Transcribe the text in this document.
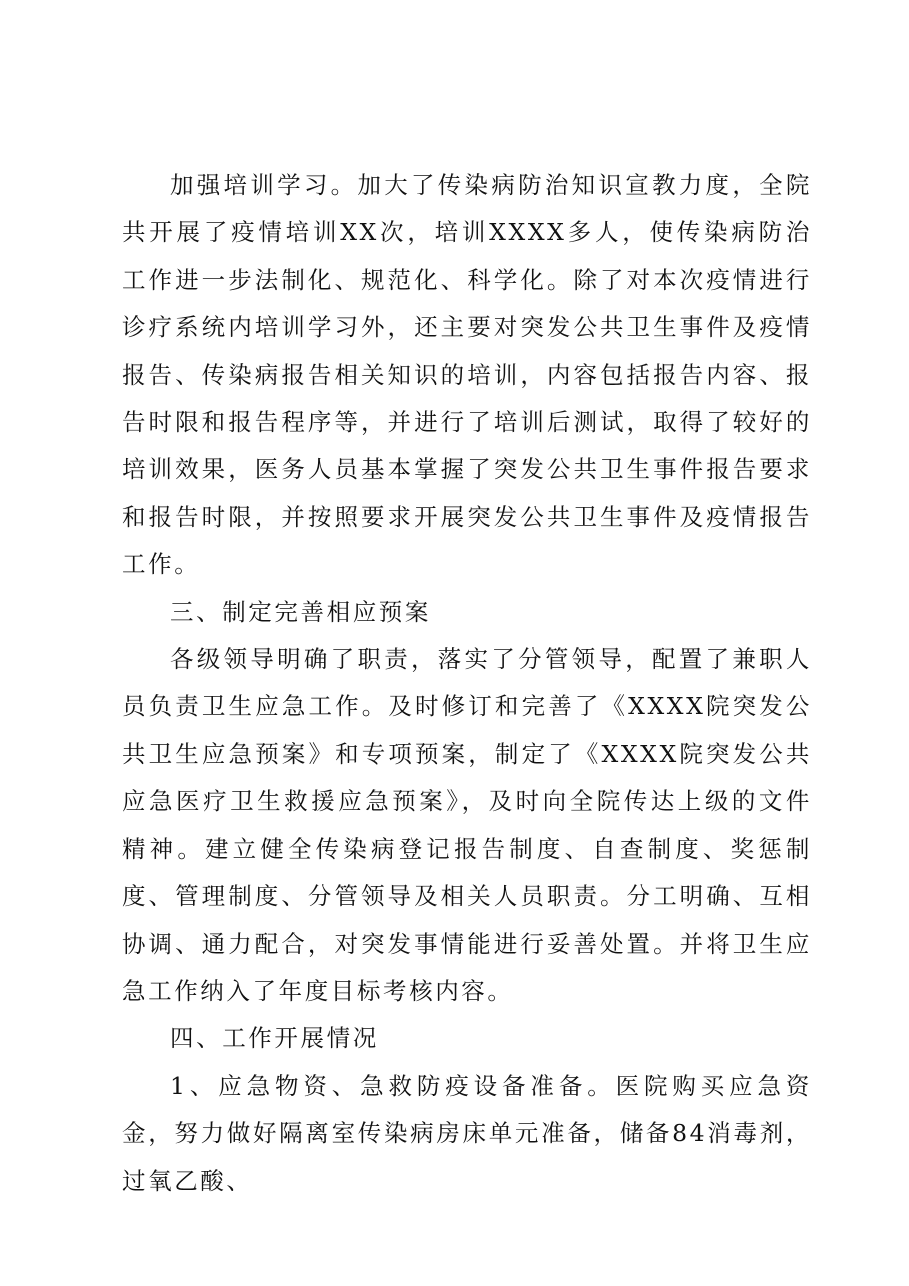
加强培训学习。加大了传染病防治知识宣教力度，全院共开展了疫情培训XX次，培训XXXX多人，使传染病防治工作进一步法制化、规范化、科学化。除了对本次疫情进行诊疗系统内培训学习外，还主要对突发公共卫生事件及疫情报告、传染病报告相关知识的培训，内容包括报告内容、报告时限和报告程序等，并进行了培训后测试，取得了较好的培训效果，医务人员基本掌握了突发公共卫生事件报告要求和报告时限，并按照要求开展突发公共卫生事件及疫情报告工作。

三、制定完善相应预案

各级领导明确了职责，落实了分管领导，配置了兼职人员负责卫生应急工作。及时修订和完善了《XXXX院突发公共卫生应急预案》和专项预案，制定了《XXXX院突发公共应急医疗卫生救援应急预案》，及时向全院传达上级的文件精神。建立健全传染病登记报告制度、自查制度、奖惩制度、管理制度、分管领导及相关人员职责。分工明确、互相协调、通力配合，对突发事情能进行妥善处置。并将卫生应急工作纳入了年度目标考核内容。

四、工作开展情况

1、应急物资、急救防疫设备准备。医院购买应急资金，努力做好隔离室传染病房床单元准备，储备84消毒剂，过氧乙酸、
